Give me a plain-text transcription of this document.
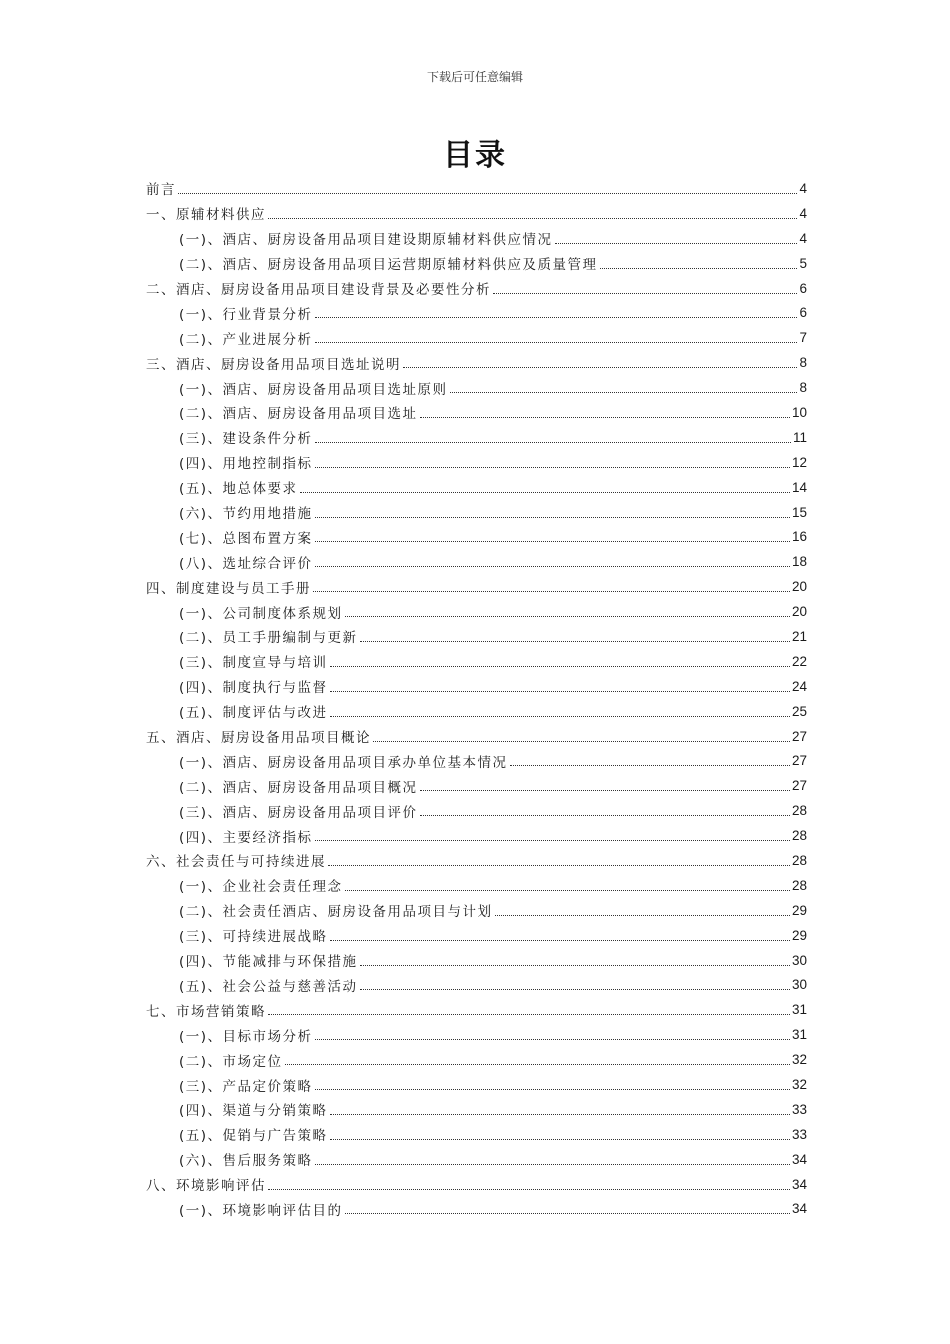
下载后可任意编辑
目录
前言	4
一、原辅材料供应	4
(一)、酒店、厨房设备用品项目建设期原辅材料供应情况	4
(二)、酒店、厨房设备用品项目运营期原辅材料供应及质量管理	5
二、酒店、厨房设备用品项目建设背景及必要性分析	6
(一)、行业背景分析	6
(二)、产业进展分析	7
三、酒店、厨房设备用品项目选址说明	8
(一)、酒店、厨房设备用品项目选址原则	8
(二)、酒店、厨房设备用品项目选址	10
(三)、建设条件分析	11
(四)、用地控制指标	12
(五)、地总体要求	14
(六)、节约用地措施	15
(七)、总图布置方案	16
(八)、选址综合评价	18
四、制度建设与员工手册	20
(一)、公司制度体系规划	20
(二)、员工手册编制与更新	21
(三)、制度宣导与培训	22
(四)、制度执行与监督	24
(五)、制度评估与改进	25
五、酒店、厨房设备用品项目概论	27
(一)、酒店、厨房设备用品项目承办单位基本情况	27
(二)、酒店、厨房设备用品项目概况	27
(三)、酒店、厨房设备用品项目评价	28
(四)、主要经济指标	28
六、社会责任与可持续进展	28
(一)、企业社会责任理念	28
(二)、社会责任酒店、厨房设备用品项目与计划	29
(三)、可持续进展战略	29
(四)、节能减排与环保措施	30
(五)、社会公益与慈善活动	30
七、市场营销策略	31
(一)、目标市场分析	31
(二)、市场定位	32
(三)、产品定价策略	32
(四)、渠道与分销策略	33
(五)、促销与广告策略	33
(六)、售后服务策略	34
八、环境影响评估	34
(一)、环境影响评估目的	34
